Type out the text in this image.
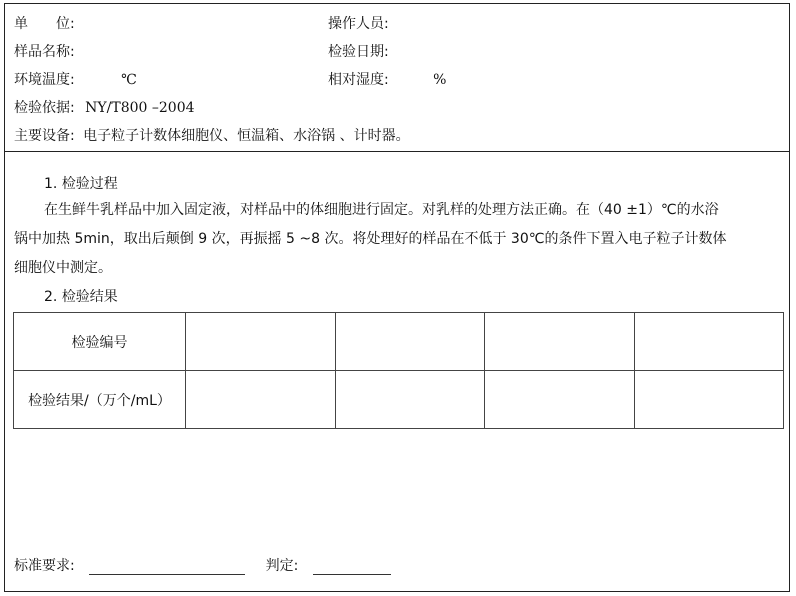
单　　位:	操作人员:
样品名称:	检验日期:
环境温度:	℃	相对湿度:	%
检验依据: NY/T800 –2004
主要设备: 电子粒子计数体细胞仪、恒温箱、水浴锅 、计时器。
1. 检验过程
在生鲜牛乳样品中加入固定液，对样品中的体细胞进行固定。对乳样的处理方法正确。在（40 ±1）℃的水浴
锅中加热 5min，取出后颠倒 9 次，再振摇 5 ~8 次。将处理好的样品在不低于 30℃的条件下置入电子粒子计数体
细胞仪中测定。
2. 检验结果
检验编号				
检验结果/（万个/mL）				
标准要求:	判定:
